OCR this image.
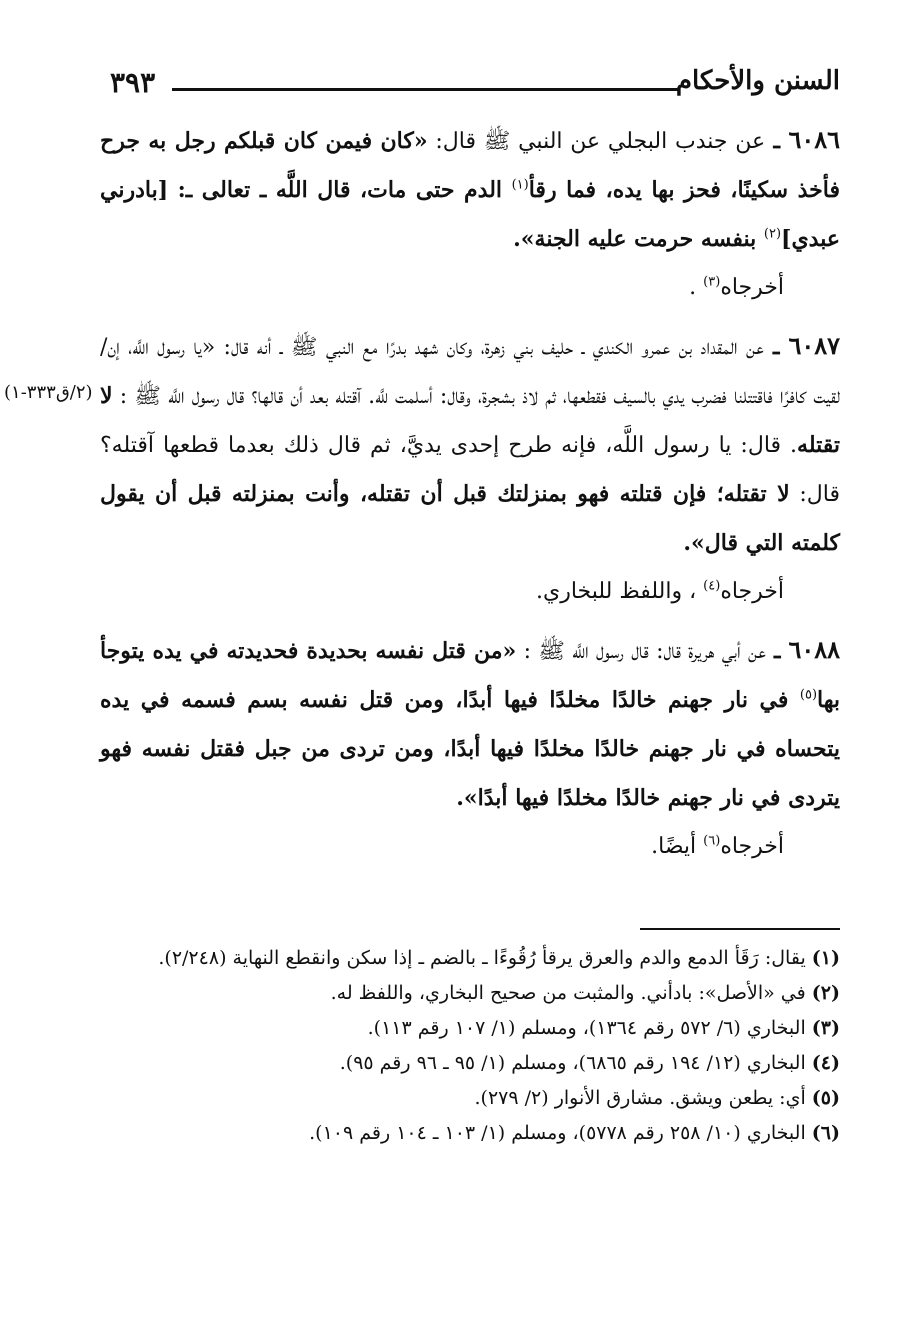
٣٩٣	السنن والأحكام
(٢/ق٣٣٣-١)

٦٠٨٦ ـ عن جندب البجلي عن النبي ﷺ قال: «كان فيمن كان قبلكم رجل به جرح فأخذ سكينًا، فحز بها يده، فما رقأ$^{(١)}$ الدم حتى مات، قال اللَّه ـ تعالى ـ: [بادرني عبدي]$^{(٢)}$ بنفسه حرمت عليه الجنة».

أخرجاه$^{(٣)}$ .

٦٠٨٧ ـ عن المقداد بن عمرو الكندي ـ حليف بني زهرة، وكان شهد بدرًا مع النبي ﷺ ـ أنه قال: «يا رسول اللَّه، إن/ لقيت كافرًا فاقتتلنا فضرب يدي بالسيف فقطعها، ثم لاذ بشجرة، وقال: أسلمت للَّه. آقتله بعد أن قالها؟ قال رسول اللَّه ﷺ : لا تقتله. قال: يا رسول اللَّه، فإنه طرح إحدى يديَّ، ثم قال ذلك بعدما قطعها آقتله؟ قال: لا تقتله؛ فإن قتلته فهو بمنزلتك قبل أن تقتله، وأنت بمنزلته قبل أن يقول كلمته التي قال».

أخرجاه$^{(٤)}$ ، واللفظ للبخاري.

٦٠٨٨ ـ عن أبي هريرة قال: قال رسول اللَّه ﷺ : «من قتل نفسه بحديدة فحديدته في يده يتوجأ بها$^{(٥)}$ في نار جهنم خالدًا مخلدًا فيها أبدًا، ومن قتل نفسه بسم فسمه في يده يتحساه في نار جهنم خالدًا مخلدًا فيها أبدًا، ومن تردى من جبل فقتل نفسه فهو يتردى في نار جهنم خالدًا مخلدًا فيها أبدًا».

أخرجاه$^{(٦)}$ أيضًا.

(١) يقال: رَقَأ الدمع والدم والعرق يرقأ رُقُوءًا ـ بالضم ـ إذا سكن وانقطع النهاية (٢/٢٤٨).

(٢) في «الأصل»: بادأني. والمثبت من صحيح البخاري، واللفظ له.

(٣) البخاري (٦/ ٥٧٢ رقم ١٣٦٤)، ومسلم (١/ ١٠٧ رقم ١١٣).

(٤) البخاري (١٢/ ١٩٤ رقم ٦٨٦٥)، ومسلم (١/ ٩٥ ـ ٩٦ رقم ٩٥).

(٥) أي: يطعن ويشق. مشارق الأنوار (٢/ ٢٧٩).

(٦) البخاري (١٠/ ٢٥٨ رقم ٥٧٧٨)، ومسلم (١/ ١٠٣ ـ ١٠٤ رقم ١٠٩).
